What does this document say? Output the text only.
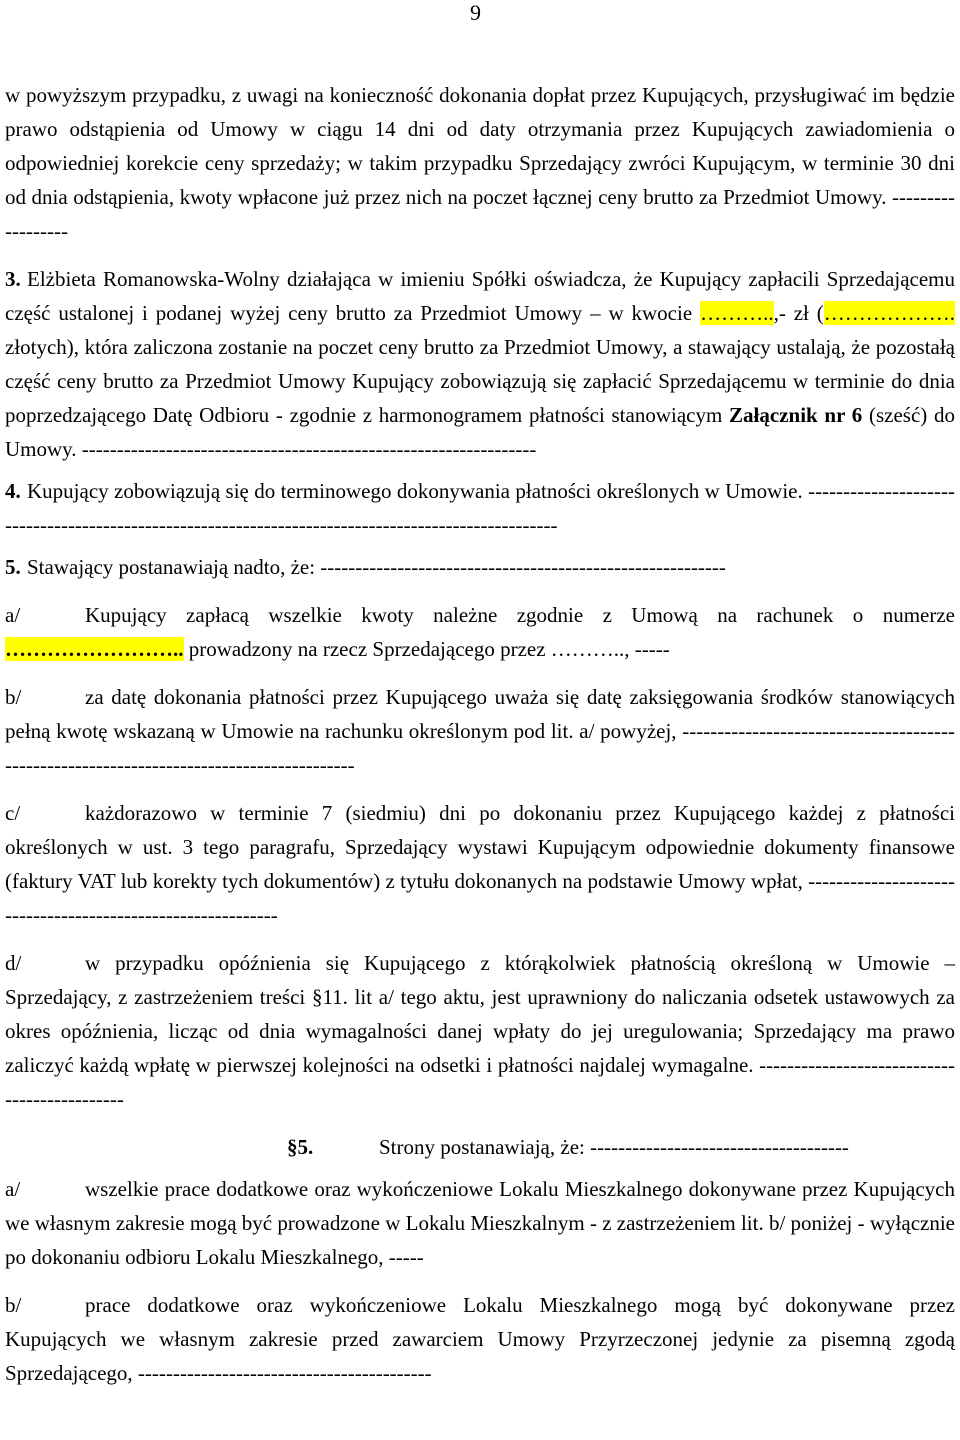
9

w powyższym przypadku, z uwagi na konieczność dokonania dopłat przez Kupujących, przysługiwać im będzie prawo odstąpienia od Umowy w ciągu 14 dni od daty otrzymania przez Kupujących zawiadomienia o odpowiedniej korekcie ceny sprzedaży; w takim przypadku Sprzedający zwróci Kupującym, w terminie 30 dni od dnia odstąpienia, kwoty wpłacone już przez nich na poczet łącznej ceny brutto za Przedmiot Umowy. ------------------

3. Elżbieta Romanowska-Wolny działająca w imieniu Spółki oświadcza, że Kupujący zapłacili Sprzedającemu część ustalonej i podanej wyżej ceny brutto za Przedmiot Umowy – w kwocie ………..,- zł (………………. złotych), która zaliczona zostanie na poczet ceny brutto za Przedmiot Umowy, a stawający ustalają, że pozostałą część ceny brutto za Przedmiot Umowy Kupujący zobowiązują się zapłacić Sprzedającemu w terminie do dnia poprzedzającego Datę Odbioru - zgodnie z harmonogramem płatności stanowiącym Załącznik nr 6 (sześć) do Umowy. -----------------------------------------------------------------

4. Kupujący zobowiązują się do terminowego dokonywania płatności określonych w Umowie. ----------------------------------------------------------------------------------------------------

5. Stawający postanawiają nadto, że: ----------------------------------------------------------

a/	Kupujący zapłacą wszelkie kwoty należne zgodnie z Umową na rachunek o numerze …………………….. prowadzony na rzecz Sprzedającego przez ……….., -----

b/	za datę dokonania płatności przez Kupującego uważa się datę zaksięgowania środków stanowiących pełną kwotę wskazaną w Umowie na rachunku określonym pod lit. a/ powyżej, -----------------------------------------------------------------------------------------

c/	każdorazowo w terminie 7 (siedmiu) dni po dokonaniu przez Kupującego każdej z płatności określonych w ust. 3 tego paragrafu, Sprzedający wystawi Kupującym odpowiednie dokumenty finansowe (faktury VAT lub korekty tych dokumentów) z tytułu dokonanych na podstawie Umowy wpłat, ------------------------------------------------------------

d/	w przypadku opóźnienia się Kupującego z którąkolwiek płatnością określoną w Umowie – Sprzedający, z zastrzeżeniem treści §11. lit a/ tego aktu, jest uprawniony do naliczania odsetek ustawowych za okres opóźnienia, licząc od dnia wymagalności danej wpłaty do jej uregulowania; Sprzedający ma prawo zaliczyć każdą wpłatę w pierwszej kolejności na odsetki i płatności najdalej wymagalne. ---------------------------------------------

§5.	Strony postanawiają, że: -------------------------------------

a/	wszelkie prace dodatkowe oraz wykończeniowe Lokalu Mieszkalnego dokonywane przez Kupujących we własnym zakresie mogą być prowadzone w Lokalu Mieszkalnym - z zastrzeżeniem lit. b/ poniżej - wyłącznie po dokonaniu odbioru Lokalu Mieszkalnego, -----

b/	prace dodatkowe oraz wykończeniowe Lokalu Mieszkalnego mogą być dokonywane przez Kupujących we własnym zakresie przed zawarciem Umowy Przyrzeczonej jedynie za pisemną zgodą Sprzedającego, ------------------------------------------
